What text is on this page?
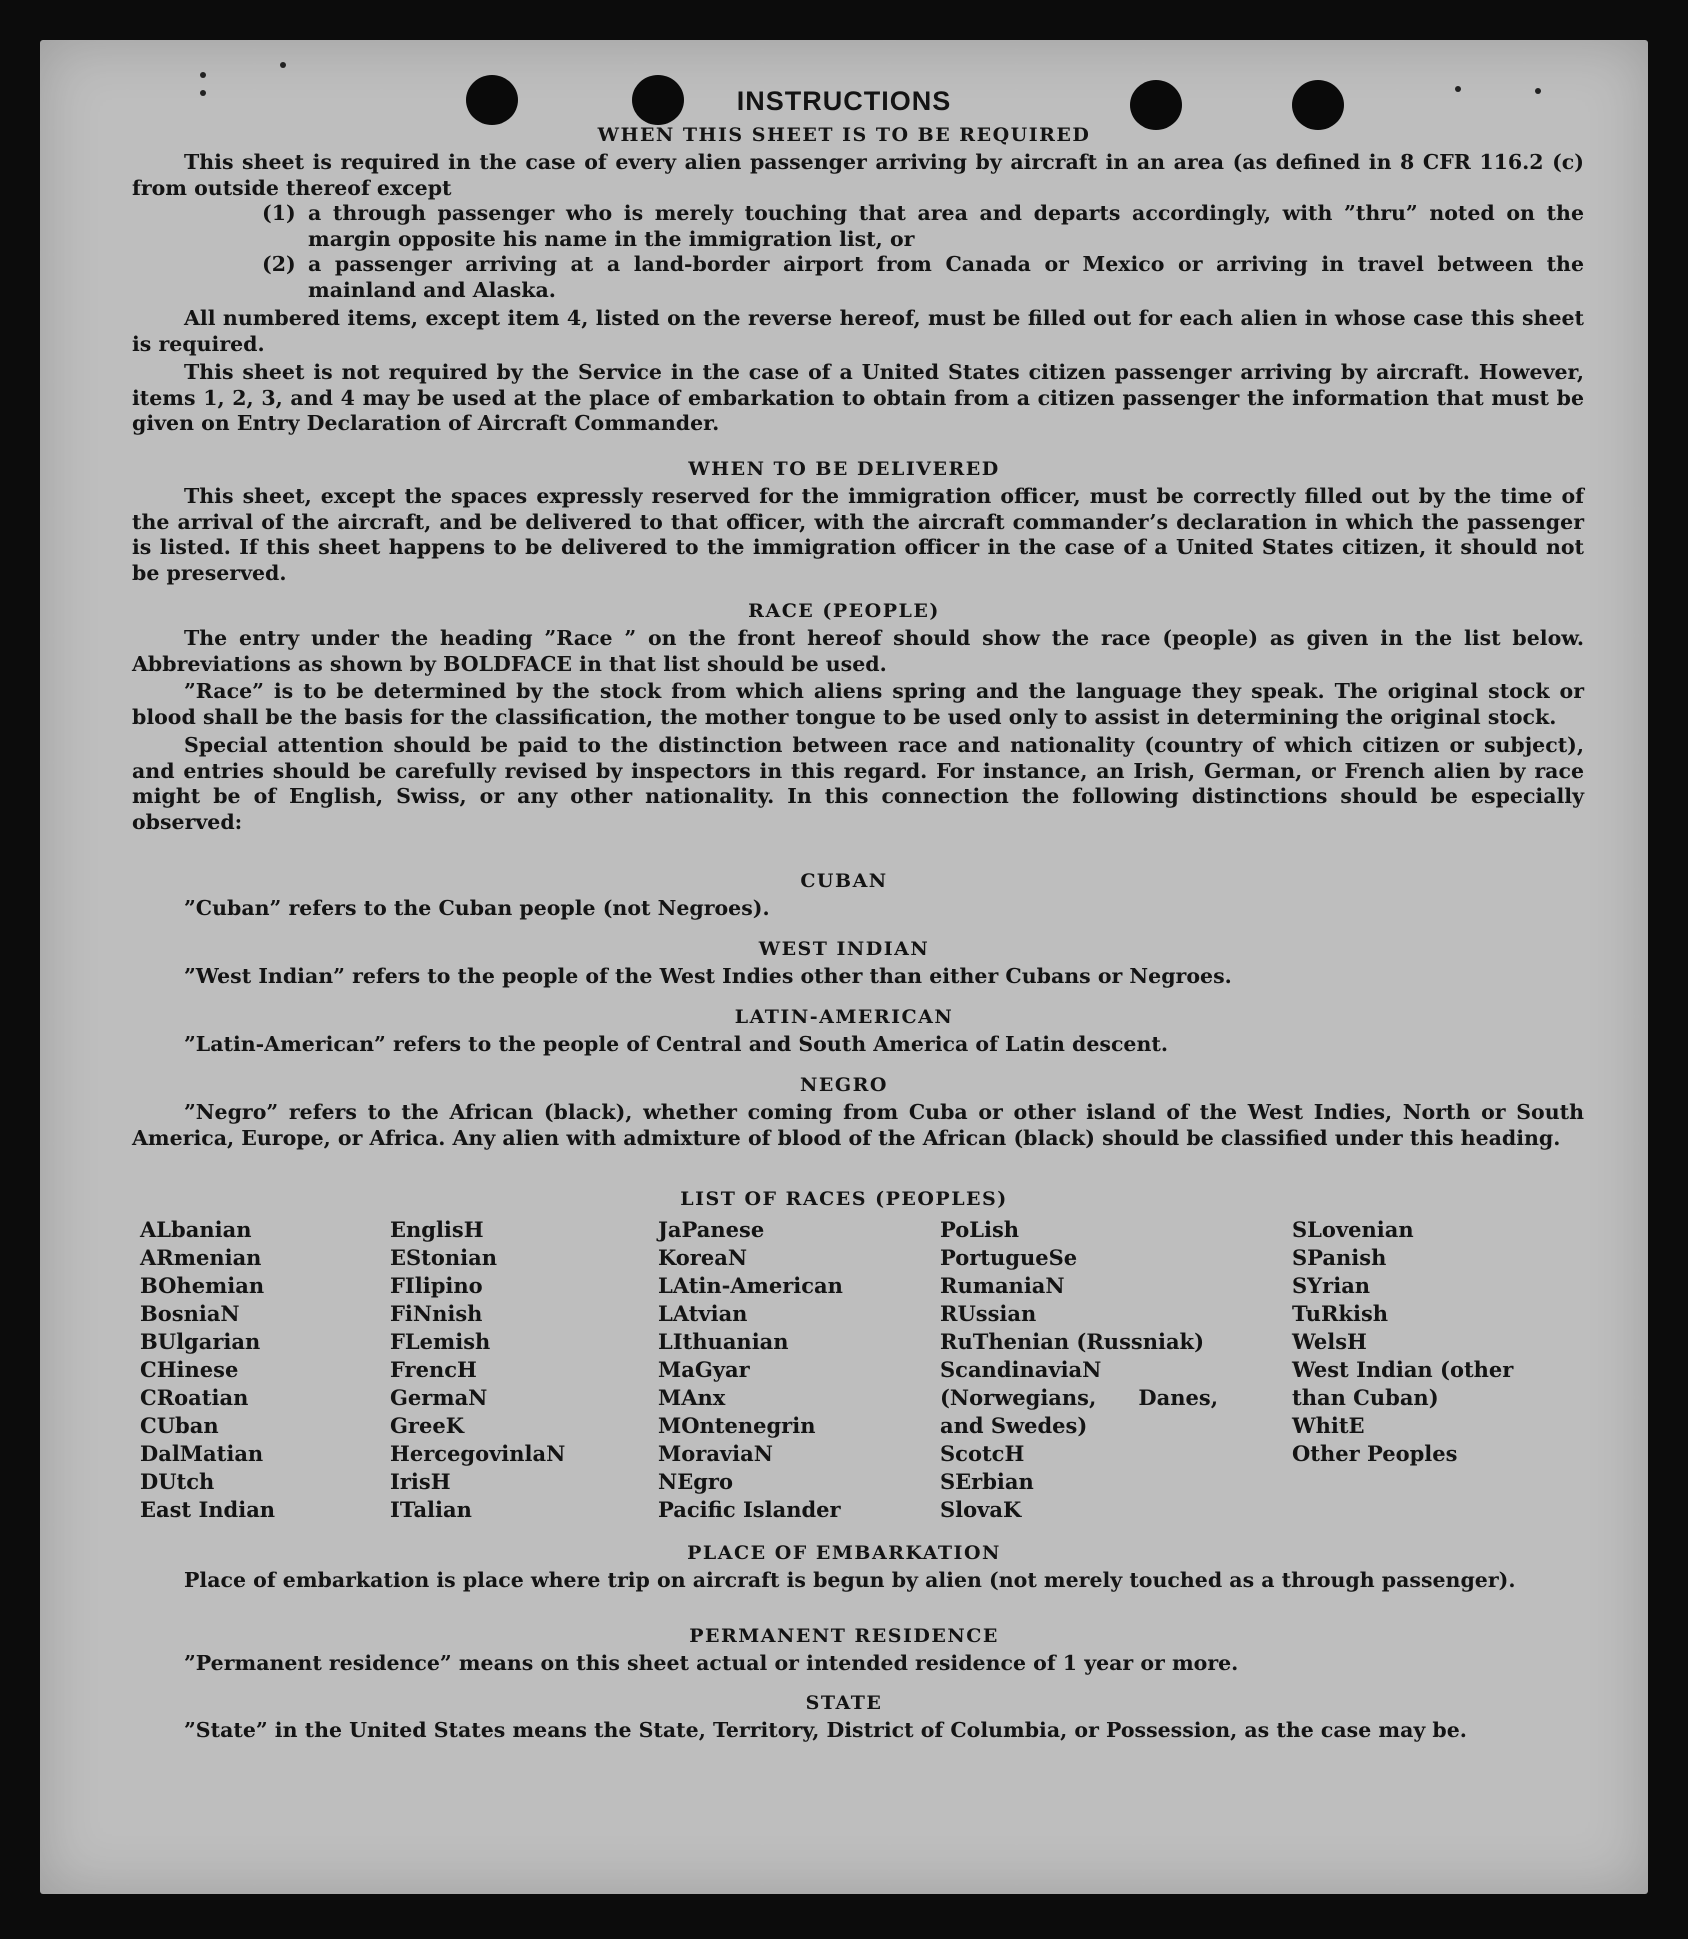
INSTRUCTIONS
WHEN THIS SHEET IS TO BE REQUIRED
This sheet is required in the case of every alien passenger arriving by aircraft in an area (as defined in 8 CFR 116.2 (c) from outside thereof except
(1) a through passenger who is merely touching that area and departs accordingly, with ”thru” noted on the margin opposite his name in the immigration list, or
(2) a passenger arriving at a land-border airport from Canada or Mexico or arriving in travel between the mainland and Alaska.
All numbered items, except item 4, listed on the reverse hereof, must be filled out for each alien in whose case this sheet is required.
This sheet is not required by the Service in the case of a United States citizen passenger arriving by aircraft. However, items 1, 2, 3, and 4 may be used at the place of embarkation to obtain from a citizen passenger the information that must be given on Entry Declaration of Aircraft Commander.
WHEN TO BE DELIVERED
This sheet, except the spaces expressly reserved for the immigration officer, must be correctly filled out by the time of the arrival of the aircraft, and be delivered to that officer, with the aircraft commander’s declaration in which the passenger is listed. If this sheet happens to be delivered to the immigration officer in the case of a United States citizen, it should not be preserved.
RACE (PEOPLE)
The entry under the heading ”Race ” on the front hereof should show the race (people) as given in the list below. Abbreviations as shown by BOLDFACE in that list should be used.
”Race” is to be determined by the stock from which aliens spring and the language they speak. The original stock or blood shall be the basis for the classification, the mother tongue to be used only to assist in determining the original stock.
Special attention should be paid to the distinction between race and nationality (country of which citizen or subject), and entries should be carefully revised by inspectors in this regard. For instance, an Irish, German, or French alien by race might be of English, Swiss, or any other nationality. In this connection the following distinctions should be especially observed:
CUBAN
”Cuban” refers to the Cuban people (not Negroes).
WEST INDIAN
”West Indian” refers to the people of the West Indies other than either Cubans or Negroes.
LATIN-AMERICAN
”Latin-American” refers to the people of Central and South America of Latin descent.
NEGRO
”Negro” refers to the African (black), whether coming from Cuba or other island of the West Indies, North or South America, Europe, or Africa. Any alien with admixture of blood of the African (black) should be classified under this heading.
LIST OF RACES (PEOPLES)
ALbanian
ARmenian
BOhemian
BosniaN
BUlgarian
CHinese
CRoatian
CUban
DalMatian
DUtch
East Indian
EnglisH
EStonian
FIlipino
FiNnish
FLemish
FrencH
GermaN
GreeK
HercegovinlaN
IrisH
ITalian
JaPanese
KoreaN
LAtin-American
LAtvian
LIthuanian
MaGyar
MAnx
MOntenegrin
MoraviaN
NEgro
Pacific Islander
PoLish
PortugueSe
RumaniaN
RUssian
RuThenian (Russniak)
ScandinaviaN (Norwegians, Danes, and Swedes)
ScotcH
SErbian
SlovaK
SLovenian
SPanish
SYrian
TuRkish
WelsH
West Indian (other than Cuban)
WhitE
Other Peoples
PLACE OF EMBARKATION
Place of embarkation is place where trip on aircraft is begun by alien (not merely touched as a through passenger).
PERMANENT RESIDENCE
”Permanent residence” means on this sheet actual or intended residence of 1 year or more.
STATE
”State” in the United States means the State, Territory, District of Columbia, or Possession, as the case may be.
